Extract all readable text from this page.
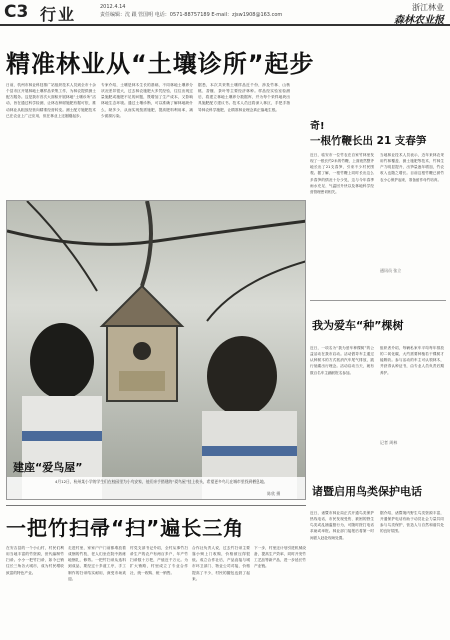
C3 行业	2012.4.14
责任编辑：沈 跟 管国明 电话：0571-88757189 E-mail：zjsw1908@163.com
浙江林业
森林农业报
精准林业从“土壤诊所”起步
日前，杭州市林业科技推广站组织技术人员到全市十余个县市区开展林地土壤样品采集工作，为林农提供测土配方服务。这是我市首次大面积开展林地“土壤诊所”活动，旨在通过科学检测，让林农种树施肥有据可依，推动林业从粗放经营向精准经营转变。测土配方施肥技术已在农业上广泛应用，但在林业上还刚刚起步。
专家介绍，土壤是林木生长的基础，不同林地土壤养分状况差异很大，过去林农施肥大多凭经验，往往出现过量施肥或施肥不足的问题，既增加了生产成本，又影响林地生态环境。通过土壤诊断，可以准确了解林地缺什么、缺多少，从而实现按需施肥，提高肥料利用率，减少面源污染。
据悉，本次共采集土壤样品近千份，涉及竹林、山核桃、香榧、茶叶等主要经济林种。样品经实验室检测后，将建立林地土壤养分数据库，并为每个采样地块出具施肥配方建议书。技术人员还将深入林区，手把手指导林农科学施肥，让精准林业理念真正落地生根。
4月12日，杭州某小学的学生们在校园里为小鸟安家，他们亲手搭建的“爱鸟屋”挂上枝头，希望更多鸟儿在城市里找到栖息地。
陈欣 摄
建座“爱鸟屋”
奇!
一根竹鞭长出 21 支春笋
近日，临安市一位竹农在自家竹林里发现了一根长约2米的竹鞭，上面竟然整齐地长出了21支春笋，引来不少村民围观。据了解，一根竹鞭上同时长出这么多春笋的情况十分少见，这与今年春季雨水充足、气温回升快以及林地科学经营管理密切相关。
当地林业技术人员表示，近年来林农采用竹林覆盖、测土施肥等技术，竹林生产力明显提升，出笋量逐年增加，竹农收入也随之增长。目前这根竹鞭已被竹农小心保护起来，准备留作母竹培育。
通讯员 张立
我为爱车“种”棵树
近日，一项名为“我为爱车种棵树”的公益活动在我市启动。活动倡导车主通过认种树木的方式抵消汽车尾气排放，践行低碳出行理念。活动启动当天，就有数百名车主踊跃报名参加。
组织者介绍，每辆私家车平均每年排放的二氧化碳，大约需要种植若干棵树才能吸收。参与活动的车主可认领林木，并获得认种证书，由专业人员负责后期养护。
记者 周林
诸暨启用鸟类保护电话
近日，诸暨市林业局正式开通鸟类保护热线电话，市民发现受伤、被困的野生鸟类或乱捕滥猎行为，可随时拨打电话求助或举报。林业部门接报后将第一时间派人赶赴现场处置。
据介绍，诸暨境内野生鸟类资源丰富，开通保护电话有助于动员社会力量共同参与鸟类保护，营造人与自然和谐共处的良好氛围。
一把竹扫帚“扫”遍长三角
在安吉县的一个小山村，村民们利用当地丰富的竹资源，世代编制竹扫帚。小小一把竹扫帚，如今已销往长三角各大城市，成为村民增收致富的特色产业。
走进村里，家家户户门前都堆放着成捆的竹枝，老人们坐在院中熟练地捆扎、修剪。一把竹扫帚从选料到成品，要经过十多道工序，手工制作的扫帚结实耐用，深受市场欢迎。
村党支部书记介绍，全村从事竹扫帚生产的农户有两百多户，年产竹扫帚数十万把，产值近千万元。为扩大销路，村里成立了专业合作社，统一收购、统一销售。
合作社负责人说，过去竹扫帚主要靠小贩上门收购，价格被压得很低。成立合作社后，产品直接与城市环卫部门、物业公司对接，价格提高了不少，村民的腰包也鼓了起来。
下一步，村里还计划引进机械设备，提高生产效率，同时开发竹工艺品等新产品，进一步延长竹产业链。
